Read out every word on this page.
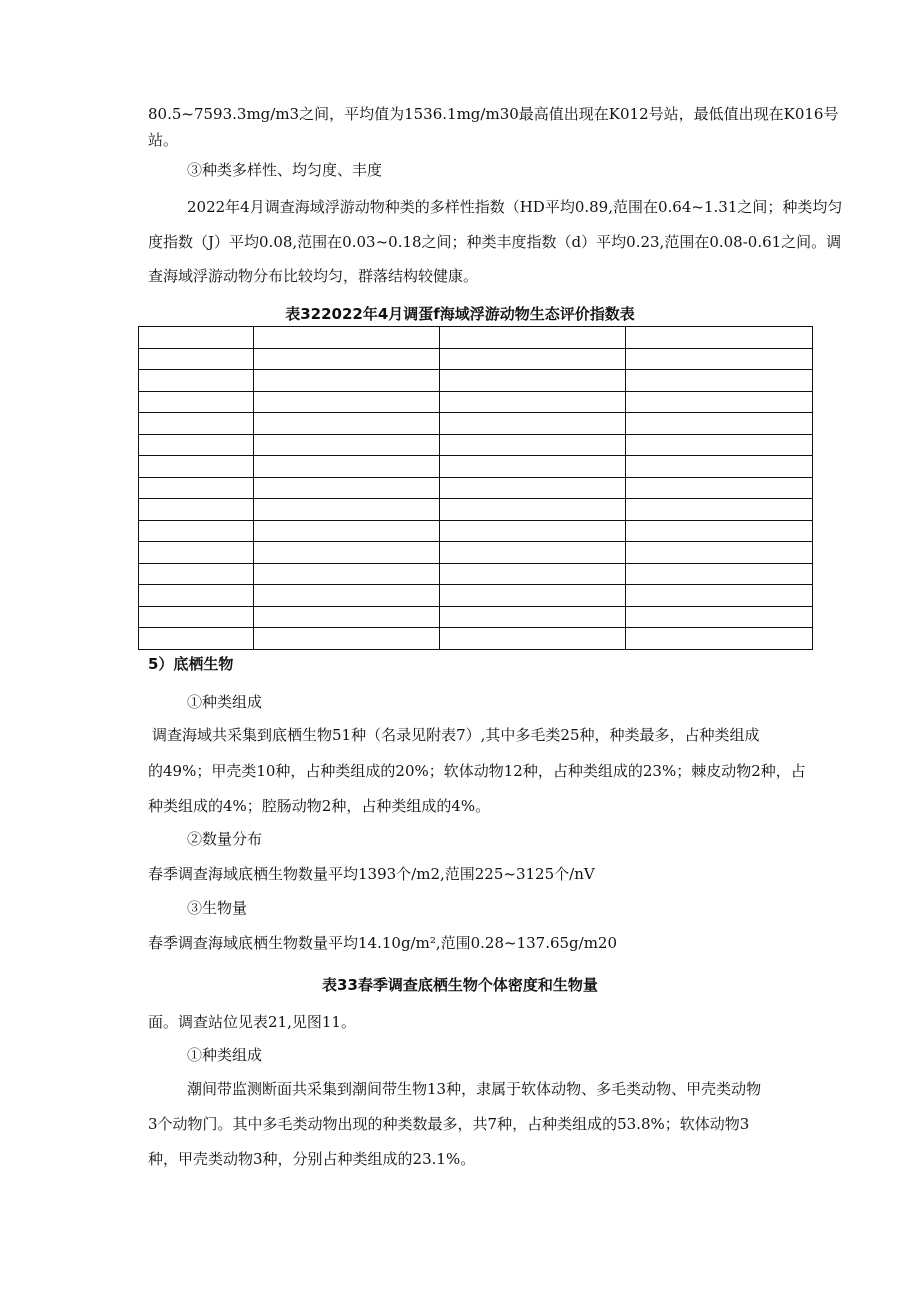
80.5~7593.3mg/m3之间，平均值为1536.1mg/m30最高值出现在K012号站，最低值出现在K016号
站。
③种类多样性、均匀度、丰度
2022年4月调查海域浮游动物种类的多样性指数（HD平均0.89,范围在0.64~1.31之间；种类均匀
度指数（J）平均0.08,范围在0.03~0.18之间；种类丰度指数（d）平均0.23,范围在0.08-0.61之间。调
查海域浮游动物分布比较均匀，群落结构较健康。
表322022年4月调蛋f海域浮游动物生态评价指数表

5）底栖生物
①种类组成
调查海域共采集到底栖生物51种（名录见附表7）,其中多毛类25种，种类最多，占种类组成
的49%；甲壳类10种，占种类组成的20%；软体动物12种，占种类组成的23%；棘皮动物2种，占
种类组成的4%；腔肠动物2种，占种类组成的4%。
②数量分布
春季调查海域底栖生物数量平均1393个/m2,范围225~3125个/nV
③生物量
春季调查海域底栖生物数量平均14.10g/m²,范围0.28~137.65g/m20
表33春季调查底栖生物个体密度和生物量
面。调查站位见表21,见图11。
①种类组成
潮间带监测断面共采集到潮间带生物13种，隶属于软体动物、多毛类动物、甲壳类动物
3个动物门。其中多毛类动物出现的种类数最多，共7种，占种类组成的53.8%；软体动物3
种，甲壳类动物3种，分别占种类组成的23.1%。
